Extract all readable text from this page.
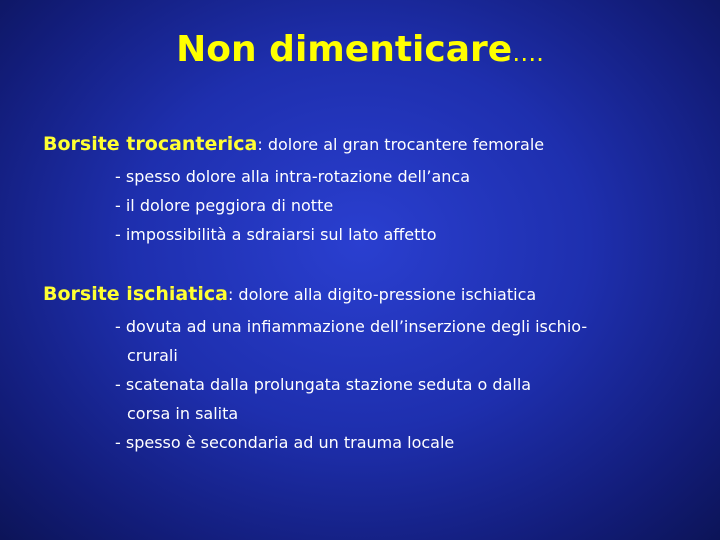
Non dimenticare….
Borsite trocanterica: dolore al gran trocantere femorale
- spesso dolore alla intra-rotazione dell’anca
- il dolore peggiora di notte
- impossibilità a sdraiarsi sul lato affetto
Borsite ischiatica: dolore alla digito-pressione ischiatica
- dovuta ad una infiammazione dell’inserzione degli ischio-
crurali
- scatenata dalla prolungata stazione seduta o dalla
corsa in salita
- spesso è secondaria ad un trauma locale
